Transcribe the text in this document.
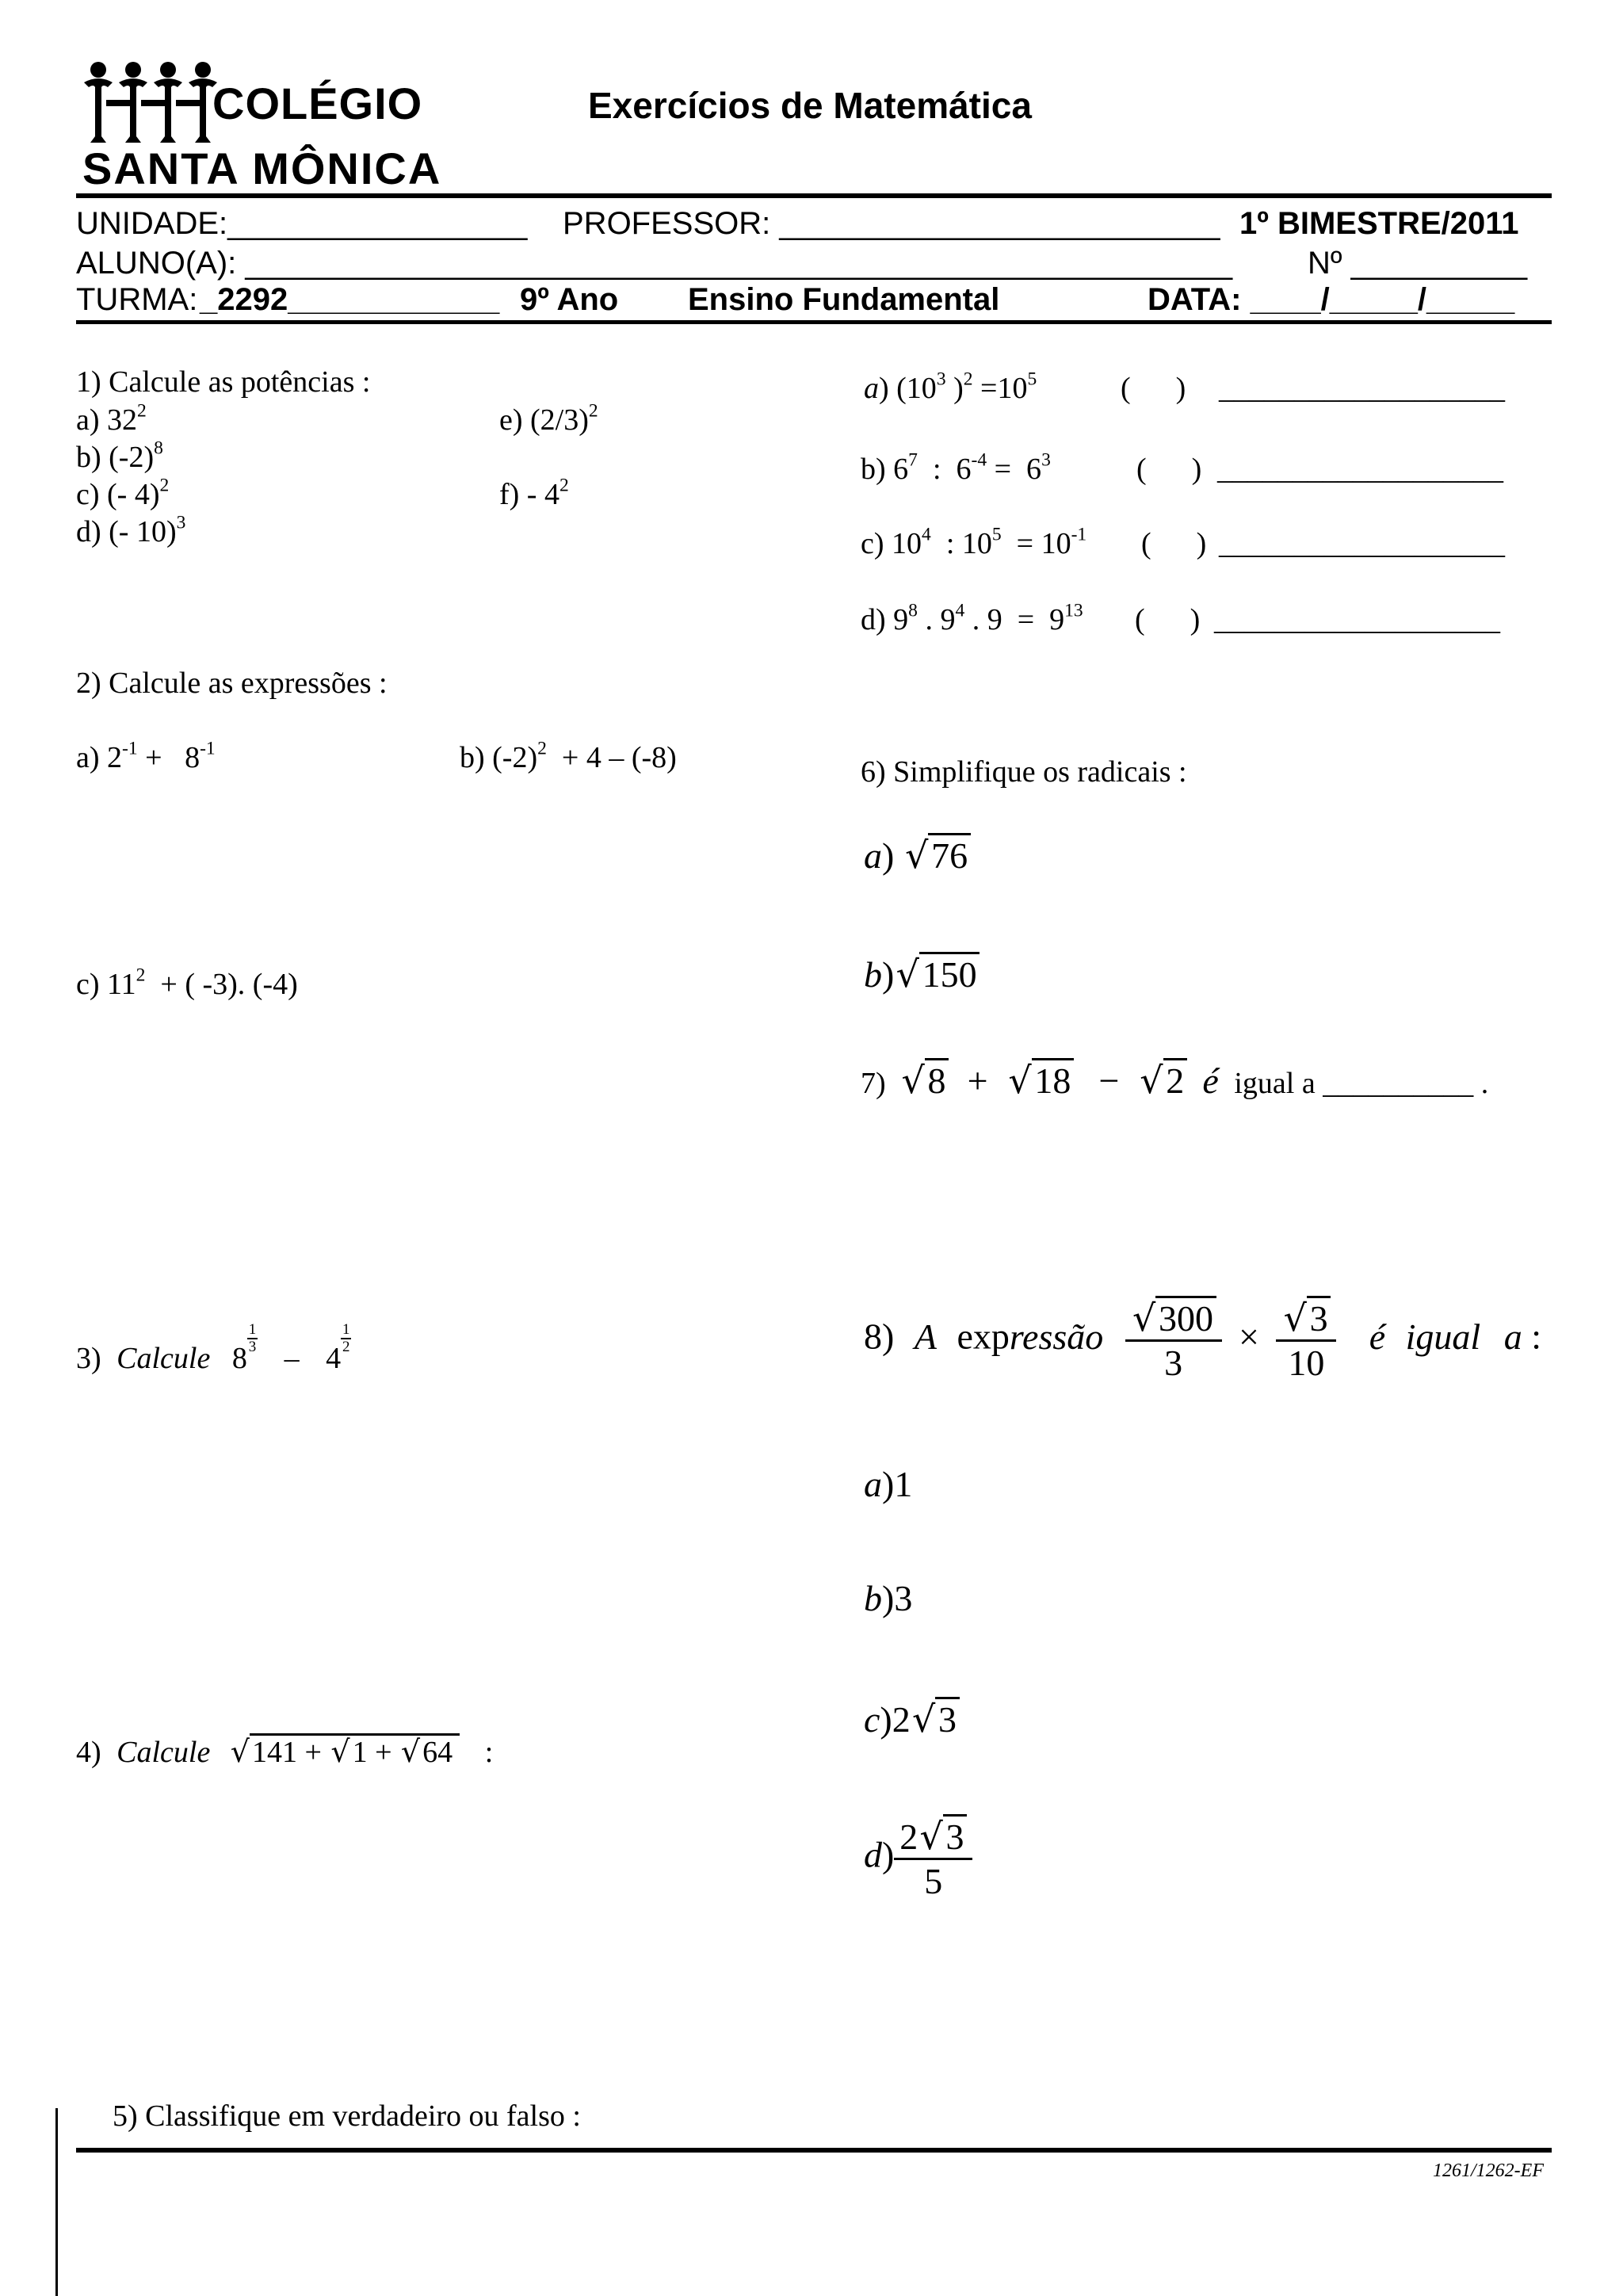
COLÉGIO
SANTA MÔNICA
Exercícios de Matemática
UNIDADE:_________________ PROFESSOR: _________________________ 1º BIMESTRE/2011
ALUNO(A): ________________________________________________________ Nº __________
TURMA: _2292____________ 9º Ano Ensino Fundamental	DATA: ____/_____/_____
1) Calcule as potências :
a) $32^2$
b) $(-2)^8$
c) (- 4)$^2$
d) (- 10)$^3$
e) $(2/3)^2$
$f) - 4^2$
2) Calcule as expressões :
a) $2^{-1} + 8^{-1}$	b) $(-2)^2 + 4 - (-8)$
c) $11^2$  + ( -3). (-4)
3) Calcule 8
$\frac{1}{3}$
– 4
$\frac{1}{2}$
4) Calcule √141 + √1 + √64 :
5) Classifique em verdadeiro ou falso :
a) ($10^3$ )$^2 =10^5$	(      ) ___________________
b) $6^7$  :  $6^{-4} = 6^3$	(      ) ___________________
c) $10^4$  : $10^5 = 10^{-1}$ (      ) ___________________
d) $9^8$ . $9^4$ . $9 = 9^{13}$ (      ) ___________________
6) Simplifique os radicais :
a) √76
b)√150
7) √8 + √18 − √2 é igual a __________ .
8) A expressão $\frac{√300}{3} \times \frac{√3}{10}$ é igual a :
a)1
b)3
c)2√3
$d) \frac{2√3}{5}$
1261/1262-EF
